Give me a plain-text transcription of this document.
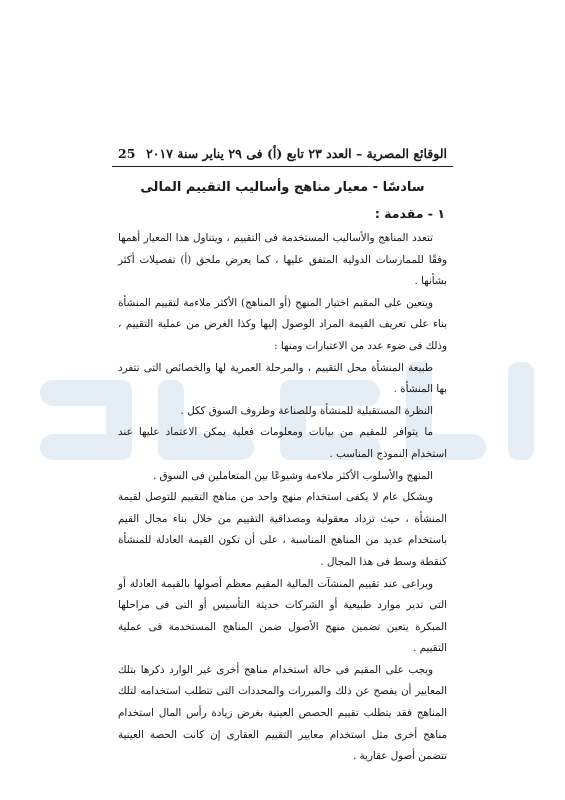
الوقائع المصرية – العدد ٢٣ تابع (أ) فى ٢٩ يناير سنة ٢٠١٧
25
سادسًا - معيار مناهج وأساليب التقييم المالى
١ - مقدمة :

تتعدد المناهج والأساليب المستخدمة فى التقييم ، ويتناول هذا المعيار أهمها وفقًا للممارسات الدولية المتفق عليها ، كما يعرض ملحق (أ) تفصيلات أكثر بشأنها .

ويتعين على المقيم اختيار المنهج (أو المناهج) الأكثر ملاءمة لتقييم المنشأة بناء على تعريف القيمة المراد الوصول إليها وكذا الغرض من عملية التقييم ، وذلك فى ضوء عدد من الاعتبارات ومنها :

طبيعة المنشأة محل التقييم ، والمرحلة العمرية لها والخصائص التى تتفرد بها المنشأة .

النظرة المستقبلية للمنشأة وللصناعة وظروف السوق ككل .

ما يتوافر للمقيم من بيانات ومعلومات فعلية يمكن الاعتماد عليها عند استخدام النموذج المناسب .

المنهج والأسلوب الأكثر ملاءمة وشيوعًا بين المتعاملين فى السوق .

ويشكل عام لا يكفى استخدام منهج واحد من مناهج التقييم للتوصل لقيمة المنشأة ، حيث تزداد معقولية ومصداقية التقييم من خلال بناء مجال القيم باستخدام عديد من المناهج المناسبة ، على أن تكون القيمة العادلة للمنشأة كنقطة وسط فى هذا المجال .

ويراعى عند تقييم المنشآت المالية المقيم معظم أصولها بالقيمة العادلة أو التى تدير موارد طبيعية أو الشركات حديثة التأسيس أو التى فى مراحلها المبكرة يتعين تضمين منهج الأصول ضمن المناهج المستخدمة فى عملية التقييم .

ويجب على المقيم فى حالة استخدام مناهج أخرى غير الوارد ذكرها بتلك المعايير أن يفصح عن ذلك والمبررات والمحددات التى تتطلب استخدامه لتلك المناهج فقد يتطلب تقييم الحصص العينية بغرض زيادة رأس المال استخدام مناهج أخرى مثل استخدام معايير التقييم العقارى إن كانت الحصة العينية تتضمن أصول عقارية .
